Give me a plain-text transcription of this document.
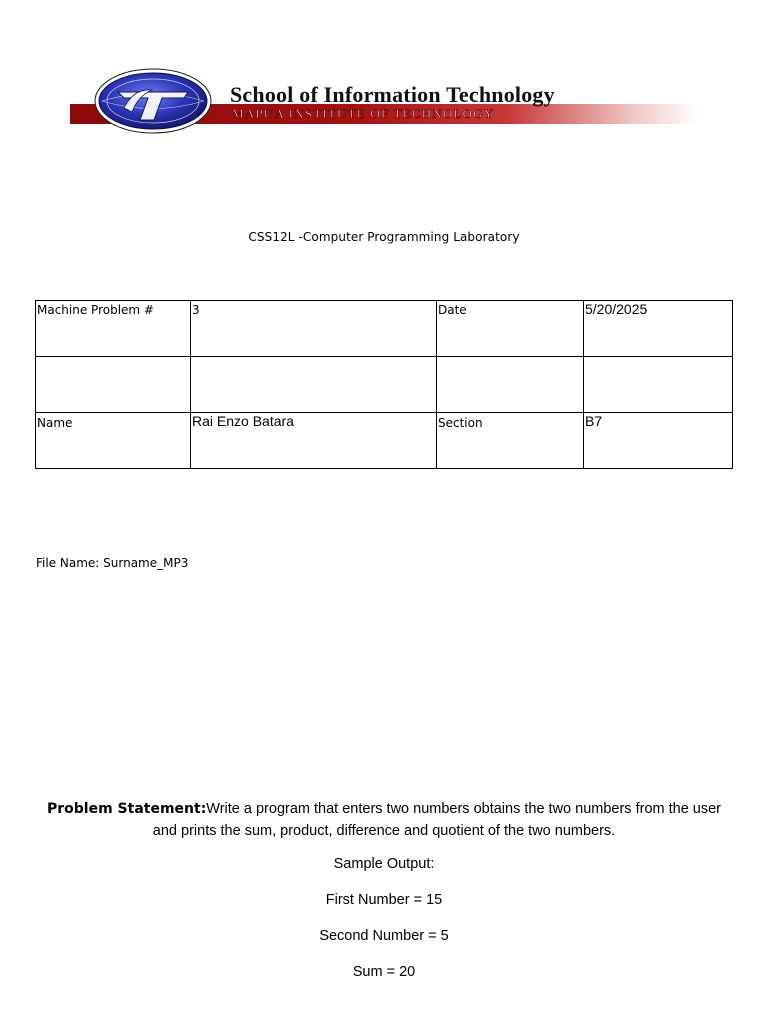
School of Information Technology
MAPÚA INSTITUTE OF TECHNOLOGY
CSS12L -Computer Programming Laboratory
Machine Problem #	3	Date	5/20/2025

Name	Rai Enzo Batara	Section	B7
File Name: Surname_MP3
Problem Statement:Write a program that enters two numbers obtains the two numbers from the user and prints the sum, product, difference and quotient of the two numbers.
Sample Output:
First Number = 15
Second Number = 5
Sum = 20
